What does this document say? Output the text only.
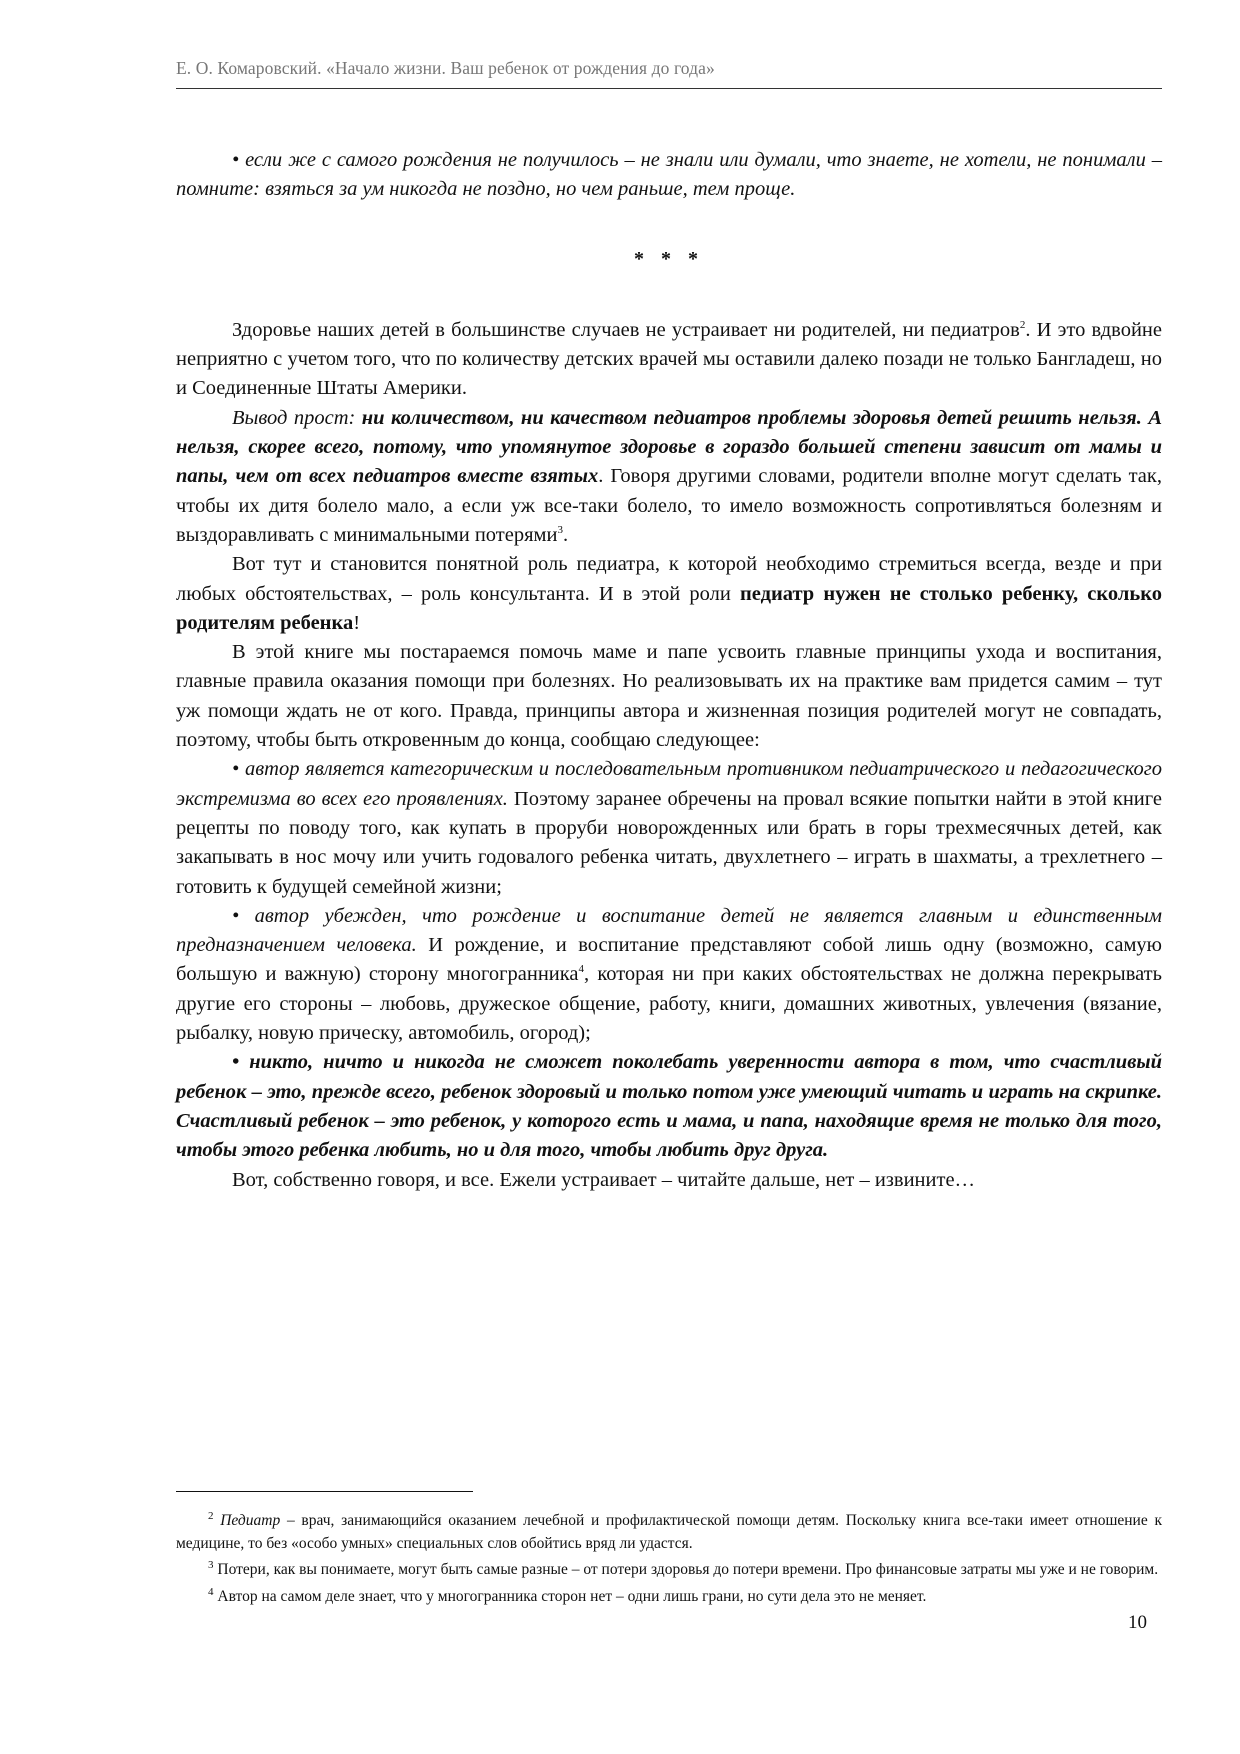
Е. О. Комаровский. «Начало жизни. Ваш ребенок от рождения до года»

• если же с самого рождения не получилось – не знали или думали, что знаете, не хотели, не понимали – помните: взяться за ум никогда не поздно, но чем раньше, тем проще.

* * *

Здоровье наших детей в большинстве случаев не устраивает ни родителей, ни педиатров$^2$. И это вдвойне неприятно с учетом того, что по количеству детских врачей мы оставили далеко позади не только Бангладеш, но и Соединенные Штаты Америки.

Вывод прост: ни количеством, ни качеством педиатров проблемы здоровья детей решить нельзя. А нельзя, скорее всего, потому, что упомянутое здоровье в гораздо большей степени зависит от мамы и папы, чем от всех педиатров вместе взятых. Говоря другими словами, родители вполне могут сделать так, чтобы их дитя болело мало, а если уж все-таки болело, то имело возможность сопротивляться болезням и выздоравливать с минимальными потерями$^3$.

Вот тут и становится понятной роль педиатра, к которой необходимо стремиться всегда, везде и при любых обстоятельствах, – роль консультанта. И в этой роли педиатр нужен не столько ребенку, сколько родителям ребенка!

В этой книге мы постараемся помочь маме и папе усвоить главные принципы ухода и воспитания, главные правила оказания помощи при болезнях. Но реализовывать их на практике вам придется самим – тут уж помощи ждать не от кого. Правда, принципы автора и жизненная позиция родителей могут не совпадать, поэтому, чтобы быть откровенным до конца, сообщаю следующее:

• автор является категорическим и последовательным противником педиатрического и педагогического экстремизма во всех его проявлениях. Поэтому заранее обречены на провал всякие попытки найти в этой книге рецепты по поводу того, как купать в проруби новорожденных или брать в горы трехмесячных детей, как закапывать в нос мочу или учить годовалого ребенка читать, двухлетнего – играть в шахматы, а трехлетнего – готовить к будущей семейной жизни;

• автор убежден, что рождение и воспитание детей не является главным и единственным предназначением человека. И рождение, и воспитание представляют собой лишь одну (возможно, самую большую и важную) сторону многогранника$^4$, которая ни при каких обстоятельствах не должна перекрывать другие его стороны – любовь, дружеское общение, работу, книги, домашних животных, увлечения (вязание, рыбалку, новую прическу, автомобиль, огород);

• никто, ничто и никогда не сможет поколебать уверенности автора в том, что счастливый ребенок – это, прежде всего, ребенок здоровый и только потом уже умеющий читать и играть на скрипке. Счастливый ребенок – это ребенок, у которого есть и мама, и папа, находящие время не только для того, чтобы этого ребенка любить, но и для того, чтобы любить друг друга.

Вот, собственно говоря, и все. Ежели устраивает – читайте дальше, нет – извините…

$^2$ Педиатр – врач, занимающийся оказанием лечебной и профилактической помощи детям. Поскольку книга все-таки имеет отношение к медицине, то без «особо умных» специальных слов обойтись вряд ли удастся.

$^3$ Потери, как вы понимаете, могут быть самые разные – от потери здоровья до потери времени. Про финансовые затраты мы уже и не говорим.

$^4$ Автор на самом деле знает, что у многогранника сторон нет – одни лишь грани, но сути дела это не меняет.

10
